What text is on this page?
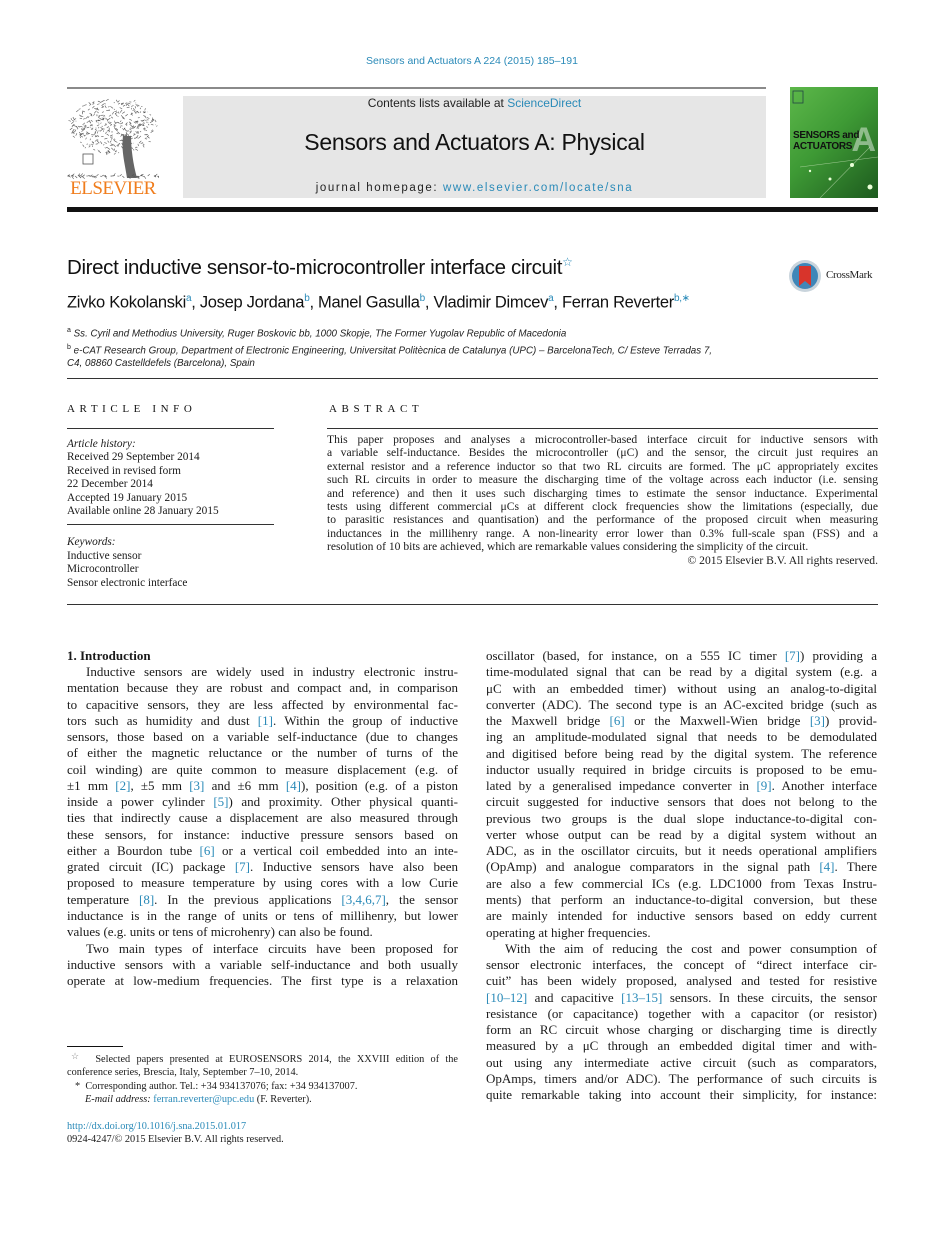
Sensors and Actuators A 224 (2015) 185–191
ELSEVIER
Contents lists available at ScienceDirect
Sensors and Actuators A: Physical
journal homepage: www.elsevier.com/locate/sna
A
SENSORS and
ACTUATORS
Direct inductive sensor-to-microcontroller interface circuit☆
CrossMark
Zivko Kokolanski$^a$, Josep Jordana$^b$, Manel Gasulla$^b$, Vladimir Dimcev$^a$, Ferran Reverter$^{b,∗}$
$^a$ Ss. Cyril and Methodius University, Ruger Boskovic bb, 1000 Skopje, The Former Yugolav Republic of Macedonia
$^b$ e-CAT Research Group, Department of Electronic Engineering, Universitat Politècnica de Catalunya (UPC) – BarcelonaTech, C/ Esteve Terradas 7,
C4, 08860 Castelldefels (Barcelona), Spain
ARTICLE INFO
Article history:
Received 29 September 2014
Received in revised form
22 December 2014
Accepted 19 January 2015
Available online 28 January 2015
Keywords:
Inductive sensor
Microcontroller
Sensor electronic interface
ABSTRACT
This paper proposes and analyses a microcontroller-based interface circuit for inductive sensors with
a variable self-inductance. Besides the microcontroller (μC) and the sensor, the circuit just requires an
external resistor and a reference inductor so that two RL circuits are formed. The μC appropriately excites
such RL circuits in order to measure the discharging time of the voltage across each inductor (i.e. sensing
and reference) and then it uses such discharging times to estimate the sensor inductance. Experimental
tests using different commercial μCs at different clock frequencies show the limitations (especially, due
to parasitic resistances and quantisation) and the performance of the proposed circuit when measuring
inductances in the millihenry range. A non-linearity error lower than 0.3% full-scale span (FSS) and a
resolution of 10 bits are achieved, which are remarkable values considering the simplicity of the circuit.
© 2015 Elsevier B.V. All rights reserved.
1. Introduction
Inductive sensors are widely used in industry electronic instru-
mentation because they are robust and compact and, in comparison
to capacitive sensors, they are less affected by environmental fac-
tors such as humidity and dust [1]. Within the group of inductive
sensors, those based on a variable self-inductance (due to changes
of either the magnetic reluctance or the number of turns of the
coil winding) are quite common to measure displacement (e.g. of
±1 mm [2], ±5 mm [3] and ±6 mm [4]), position (e.g. of a piston
inside a power cylinder [5]) and proximity. Other physical quanti-
ties that indirectly cause a displacement are also measured through
these sensors, for instance: inductive pressure sensors based on
either a Bourdon tube [6] or a vertical coil embedded into an inte-
grated circuit (IC) package [7]. Inductive sensors have also been
proposed to measure temperature by using cores with a low Curie
temperature [8]. In the previous applications [3,4,6,7], the sensor
inductance is in the range of units or tens of millihenry, but lower
values (e.g. units or tens of microhenry) can also be found.
Two main types of interface circuits have been proposed for
inductive sensors with a variable self-inductance and both usually
operate at low-medium frequencies. The first type is a relaxation
oscillator (based, for instance, on a 555 IC timer [7]) providing a
time-modulated signal that can be read by a digital system (e.g. a
μC with an embedded timer) without using an analog-to-digital
converter (ADC). The second type is an AC-excited bridge (such as
the Maxwell bridge [6] or the Maxwell-Wien bridge [3]) provid-
ing an amplitude-modulated signal that needs to be demodulated
and digitised before being read by the digital system. The reference
inductor usually required in bridge circuits is proposed to be emu-
lated by a generalised impedance converter in [9]. Another interface
circuit suggested for inductive sensors that does not belong to the
previous two groups is the dual slope inductance-to-digital con-
verter whose output can be read by a digital system without an
ADC, as in the oscillator circuits, but it needs operational amplifiers
(OpAmp) and analogue comparators in the signal path [4]. There
are also a few commercial ICs (e.g. LDC1000 from Texas Instru-
ments) that perform an inductance-to-digital conversion, but these
are mainly intended for inductive sensors based on eddy current
operating at higher frequencies.
With the aim of reducing the cost and power consumption of
sensor electronic interfaces, the concept of “direct interface cir-
cuit” has been widely proposed, analysed and tested for resistive
[10–12] and capacitive [13–15] sensors. In these circuits, the sensor
resistance (or capacitance) together with a capacitor (or resistor)
form an RC circuit whose charging or discharging time is directly
measured by a μC through an embedded digital timer and with-
out using any intermediate active circuit (such as comparators,
OpAmps, timers and/or ADC). The performance of such circuits is
quite remarkable taking into account their simplicity, for instance:
☆ Selected papers presented at EUROSENSORS 2014, the XXVIII edition of the
conference series, Brescia, Italy, September 7–10, 2014.
* Corresponding author. Tel.: +34 934137076; fax: +34 934137007.
E-mail address: ferran.reverter@upc.edu (F. Reverter).
http://dx.doi.org/10.1016/j.sna.2015.01.017
0924-4247/© 2015 Elsevier B.V. All rights reserved.
